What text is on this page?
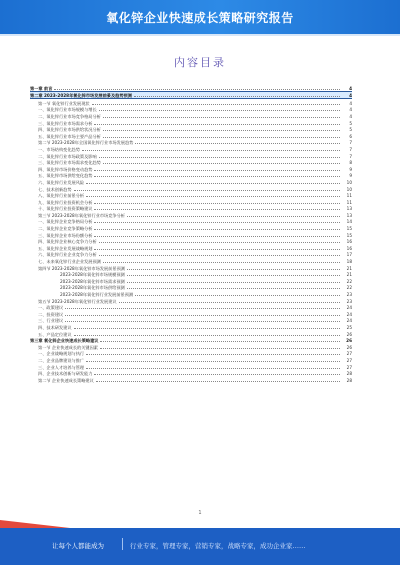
氧化锌企业快速成长策略研究报告
内容目录
第一章 前言	4
第二章 2023-2028年氧化锌市场发展前景及趋势预测	4
第一节 氧化锌行业发展现状	4
一、氧化锌行业市场规模与增长	4
二、氧化锌行业市场竞争格局分析	4
三、氧化锌行业市场需求分析	5
四、氧化锌行业市场供给状况分析	5
五、氧化锌行业市场主要产品分析	6
第二节 2023-2028年全国氧化锌行业市场发展趋势	7
一、市场结构变化趋势	7
二、氧化锌行业市场政策及影响	7
三、氧化锌行业市场需求变化趋势	8
四、氧化锌市场价格变动趋势	9
五、氧化锌市场供给变化趋势	9
六、氧化锌行业发展风险	10
七、技术创新趋势	10
八、氧化锌行业前景分析	11
九、氧化锌行业投资机会分析	11
十、氧化锌行业投资策略建议	13
第三节 2023-2028年氧化锌行业市场竞争分析	13
一、氧化锌企业竞争格局分析	14
二、氧化锌企业竞争策略分析	15
三、氧化锌企业市场份额分析	15
四、氧化锌企业核心竞争力分析	16
五、氧化锌企业发展战略规划	16
六、氧化锌行业企业竞争力分析	17
七、未来氧化锌行业企业发展预测	18
第四节 2023-2028年氧化锌市场发展前景预测	21
2023-2028年氧化锌市场规模预测	21
2023-2028年氧化锌市场需求预测	22
2023-2028年氧化锌市场供给预测	22
2023-2028年氧化锌行业发展前景预测	23
第五节 2023-2028年氧化锌行业发展建议	23
一、政策建议	24
二、投资建议	24
三、行业建议	24
四、技术研发建议	25
五、产品定位建议	26
第三章 氧化锌企业快速成长策略建议	26
第一节 企业快速成长的关键因素	26
一、企业战略规划与执行	27
二、企业品牌建设与推广	27
三、企业人才培养与管理	27
四、企业技术创新与研发能力	28
第二节 企业快速成长策略建议	28
1
让每个人都能成为	行业专家，管理专家，营销专家，战略专家，成功企业家……
